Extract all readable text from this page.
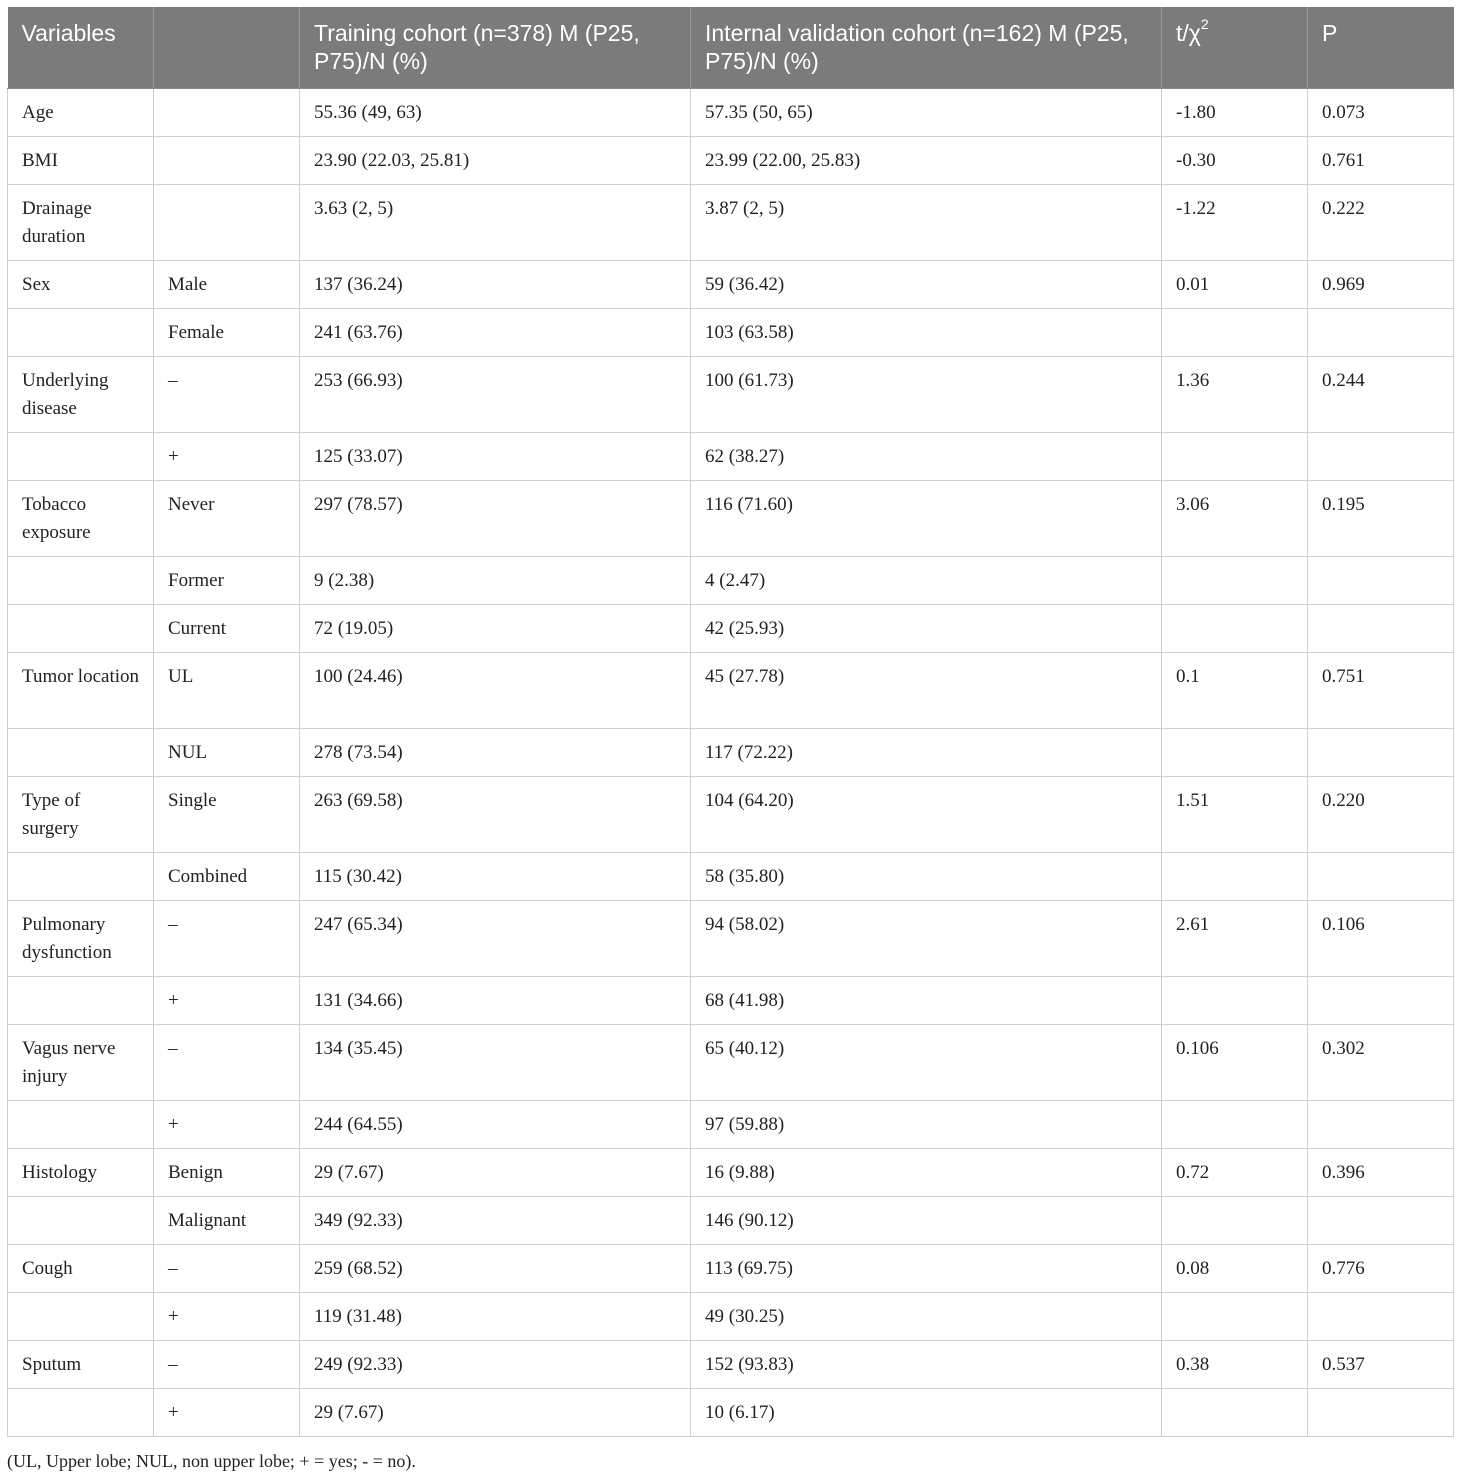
Variables		Training cohort (n=378) M (P25, P75)/N (%)	Internal validation cohort (n=162) M (P25, P75)/N (%)	$t/\chi^2$	P
Age		55.36 (49, 63)	57.35 (50, 65)	-1.80	0.073
BMI		23.90 (22.03, 25.81)	23.99 (22.00, 25.83)	-0.30	0.761
Drainage duration		3.63 (2, 5)	3.87 (2, 5)	-1.22	0.222
Sex	Male	137 (36.24)	59 (36.42)	0.01	0.969
	Female	241 (63.76)	103 (63.58)		
Underlying disease	–	253 (66.93)	100 (61.73)	1.36	0.244
	+	125 (33.07)	62 (38.27)		
Tobacco exposure	Never	297 (78.57)	116 (71.60)	3.06	0.195
	Former	9 (2.38)	4 (2.47)		
	Current	72 (19.05)	42 (25.93)		
Tumor location	UL	100 (24.46)	45 (27.78)	0.1	0.751
	NUL	278 (73.54)	117 (72.22)		
Type of surgery	Single	263 (69.58)	104 (64.20)	1.51	0.220
	Combined	115 (30.42)	58 (35.80)		
Pulmonary dysfunction	–	247 (65.34)	94 (58.02)	2.61	0.106
	+	131 (34.66)	68 (41.98)		
Vagus nerve injury	–	134 (35.45)	65 (40.12)	0.106	0.302
	+	244 (64.55)	97 (59.88)		
Histology	Benign	29 (7.67)	16 (9.88)	0.72	0.396
	Malignant	349 (92.33)	146 (90.12)		
Cough	–	259 (68.52)	113 (69.75)	0.08	0.776
	+	119 (31.48)	49 (30.25)		
Sputum	–	249 (92.33)	152 (93.83)	0.38	0.537
	+	29 (7.67)	10 (6.17)		
(UL, Upper lobe; NUL, non upper lobe; + = yes; - = no).
